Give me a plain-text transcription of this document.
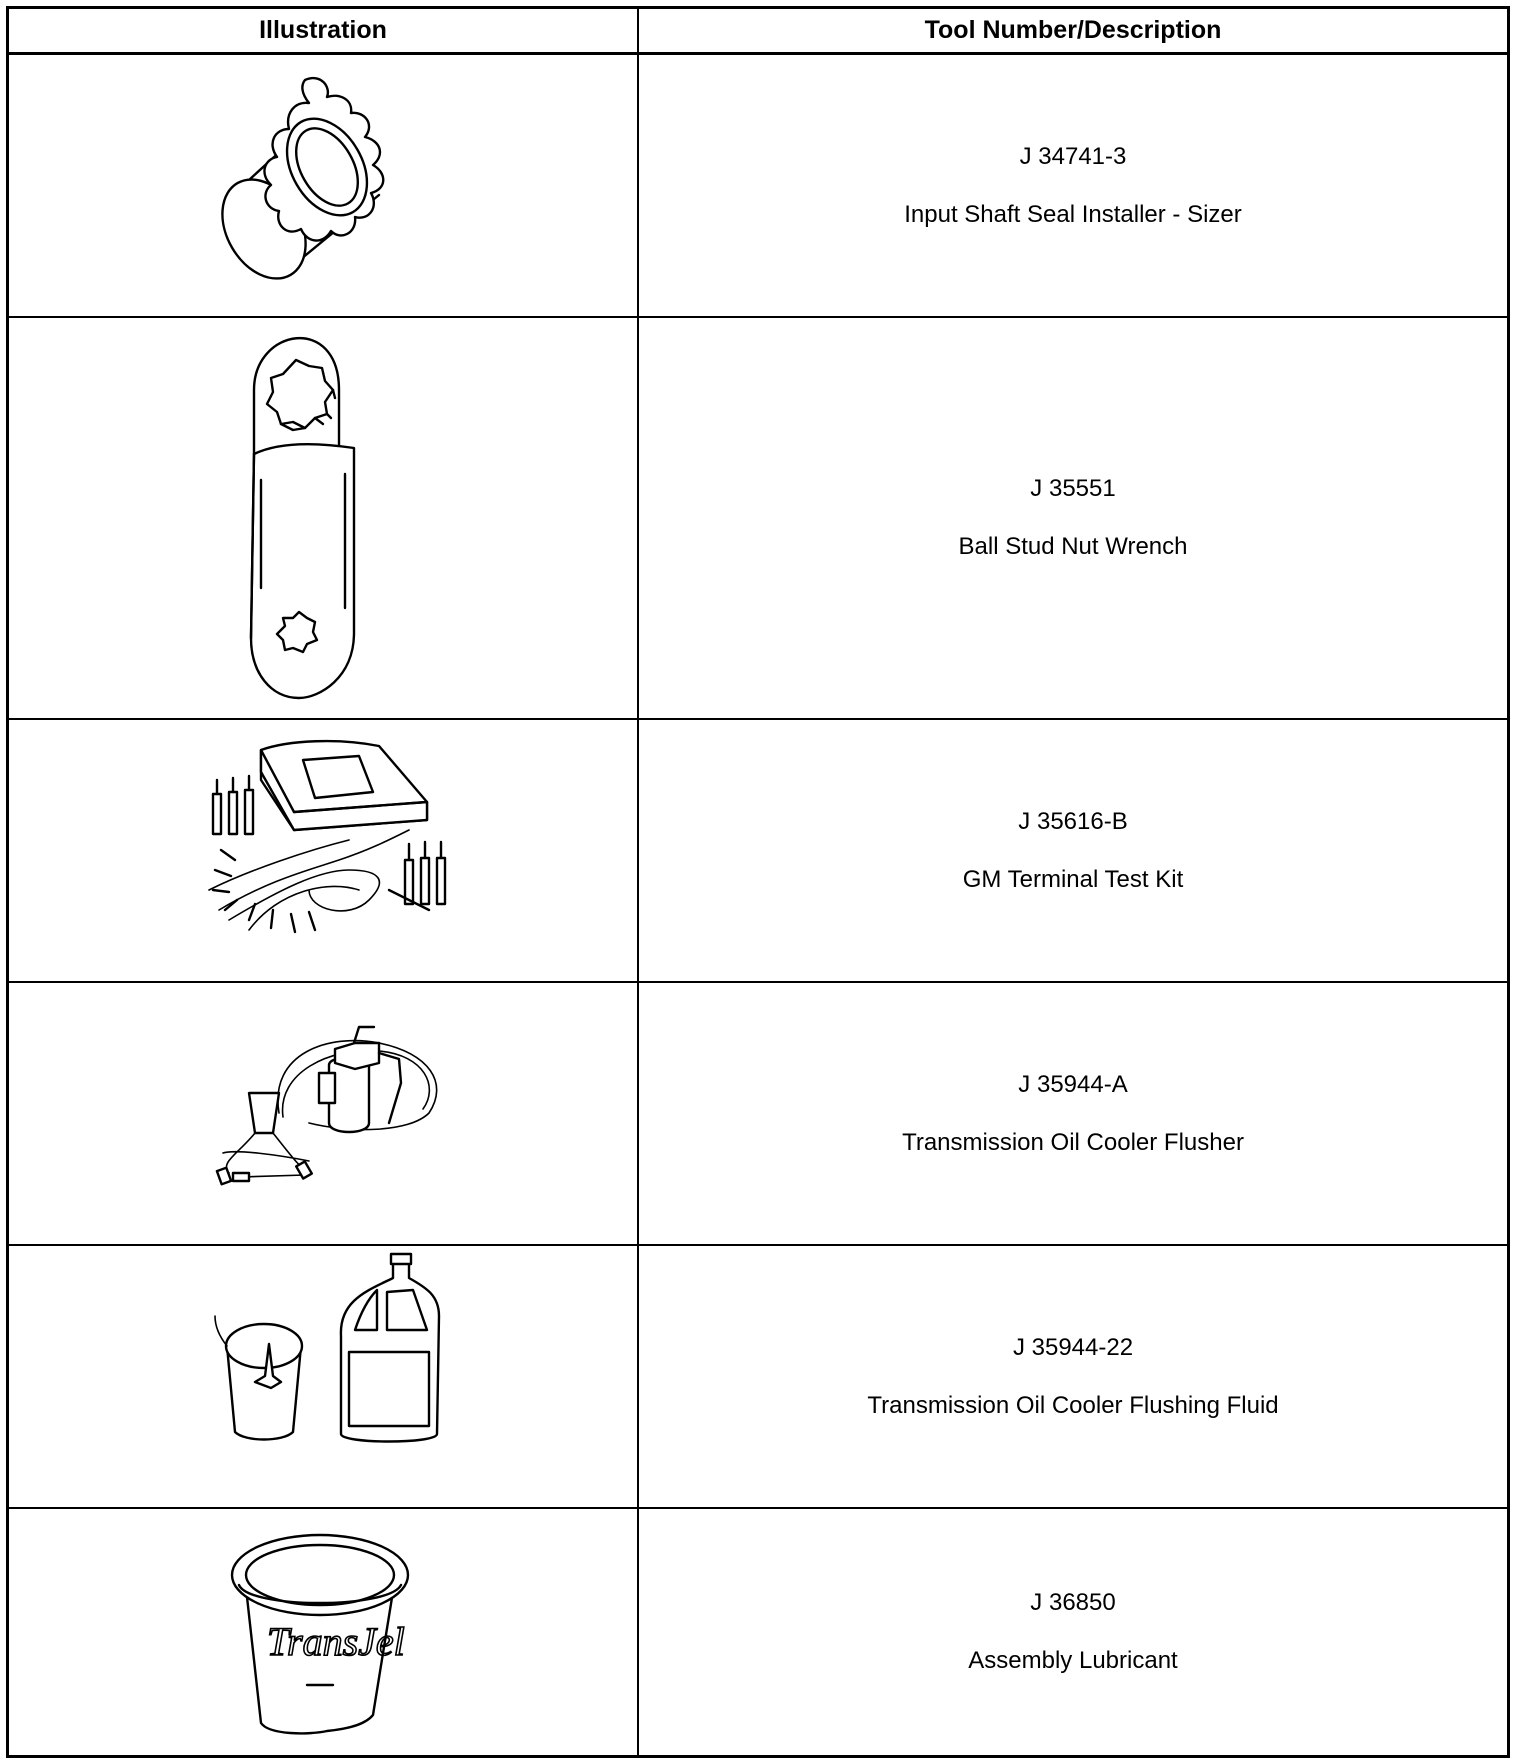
Illustration	Tool Number/Description
J 34741-3
Input Shaft Seal Installer - Sizer
J 35551
Ball Stud Nut Wrench
J 35616-B
GM Terminal Test Kit
J 35944-A
Transmission Oil Cooler Flusher
J 35944-22
Transmission Oil Cooler Flushing Fluid
TransJel
J 36850
Assembly Lubricant
